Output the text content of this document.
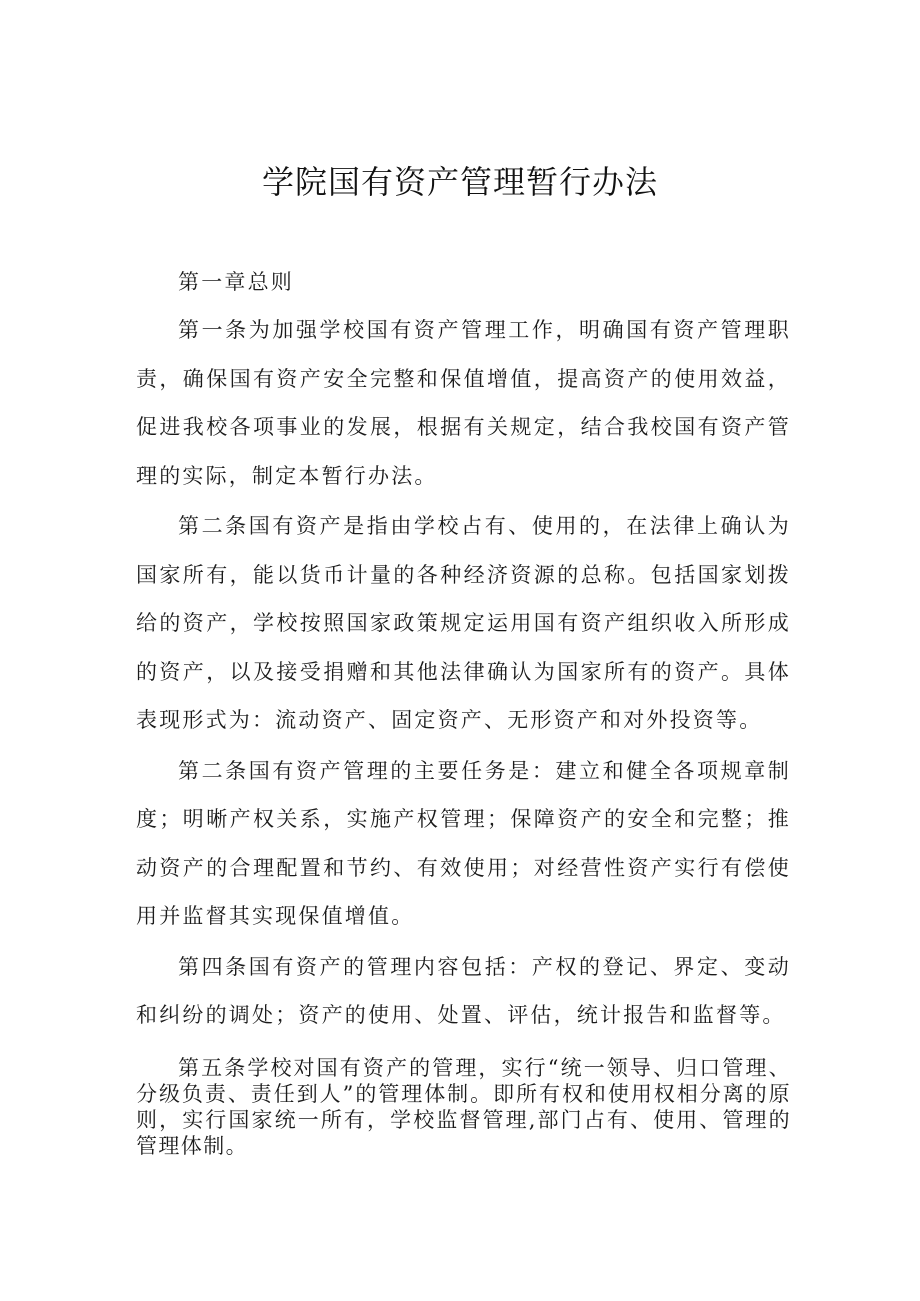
学院国有资产管理暂行办法

第一章总则

第一条为加强学校国有资产管理工作，明确国有资产管理职责，确保国有资产安全完整和保值增值，提高资产的使用效益，促进我校各项事业的发展，根据有关规定，结合我校国有资产管理的实际，制定本暂行办法。

第二条国有资产是指由学校占有、使用的，在法律上确认为国家所有，能以货币计量的各种经济资源的总称。包括国家划拨给的资产，学校按照国家政策规定运用国有资产组织收入所形成的资产，以及接受捐赠和其他法律确认为国家所有的资产。具体表现形式为：流动资产、固定资产、无形资产和对外投资等。

第二条国有资产管理的主要任务是：建立和健全各项规章制度；明晰产权关系，实施产权管理；保障资产的安全和完整；推动资产的合理配置和节约、有效使用；对经营性资产实行有偿使用并监督其实现保值增值。

第四条国有资产的管理内容包括：产权的登记、界定、变动和纠纷的调处；资产的使用、处置、评估，统计报告和监督等。

第五条学校对国有资产的管理，实行“统一领导、归口管理、分级负责、责任到人”的管理体制。即所有权和使用权相分离的原则，实行国家统一所有，学校监督管理,部门占有、使用、管理的管理体制。
